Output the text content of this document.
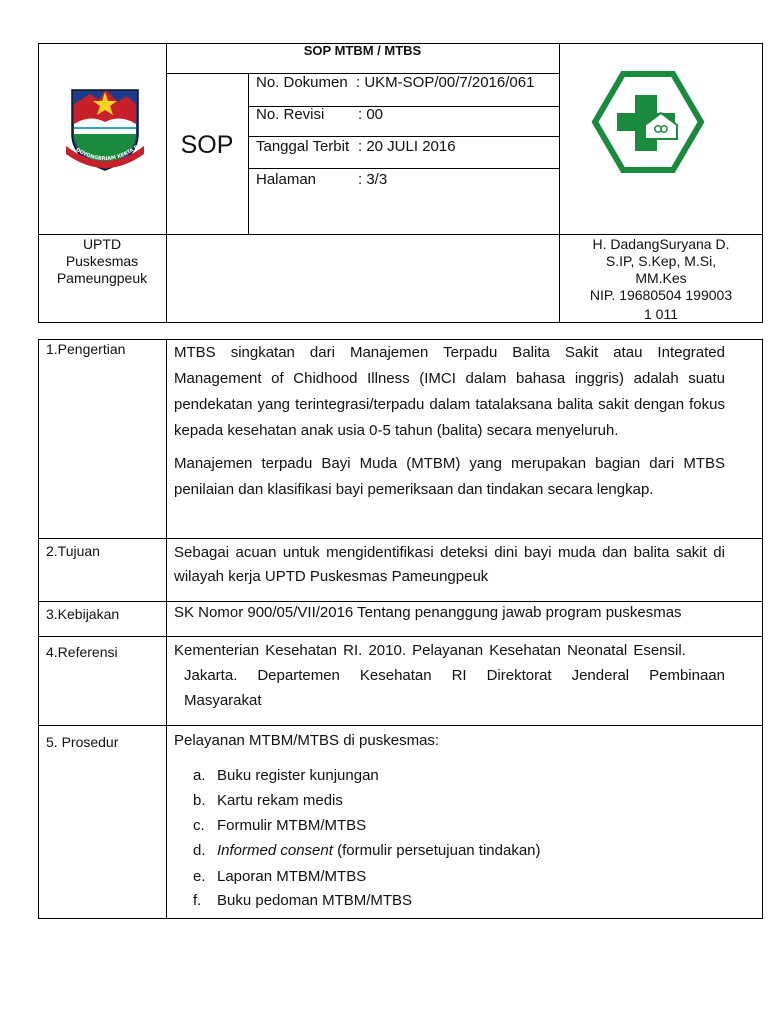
SOP MTBM / MTBS
SOP
No. Dokumen : UKM-SOP/00/7/2016/061
No. Revisi : 00
Tanggal Terbit : 20 JULI 2016
Halaman	: 3/3
DOYONGBRIAM KERTA R
UPTD
Puskesmas
Pameungpeuk
H. DadangSuryana D.
S.IP, S.Kep, M.Si,
MM.Kes
NIP. 19680504 199003
1 011
1.Pengertian
2.Tujuan
3.Kebijakan
4.Referensi
5. Prosedur
MTBS singkatan dari Manajemen Terpadu Balita Sakit atau Integrated Management of Chidhood Illness (IMCI dalam bahasa inggris) adalah suatu pendekatan yang terintegrasi/terpadu dalam tatalaksana balita sakit dengan fokus kepada kesehatan anak usia 0-5 tahun (balita) secara menyeluruh.
Manajemen terpadu Bayi Muda (MTBM) yang merupakan bagian dari MTBS penilaian dan klasifikasi bayi pemeriksaan dan tindakan secara lengkap.
Sebagai acuan untuk mengidentifikasi deteksi dini bayi muda dan balita sakit di wilayah kerja UPTD Puskesmas Pameungpeuk
SK Nomor 900/05/VII/2016 Tentang penanggung jawab program puskesmas
Kementerian Kesehatan RI. 2010. Pelayanan Kesehatan Neonatal Esensil.
Jakarta. Departemen Kesehatan RI Direktorat Jenderal Pembinaan
Masyarakat
Pelayanan MTBM/MTBS di puskesmas:
a. Buku register kunjungan
b. Kartu rekam medis
c. Formulir MTBM/MTBS
d. Informed consent (formulir persetujuan tindakan)
e. Laporan MTBM/MTBS
f. Buku pedoman MTBM/MTBS
